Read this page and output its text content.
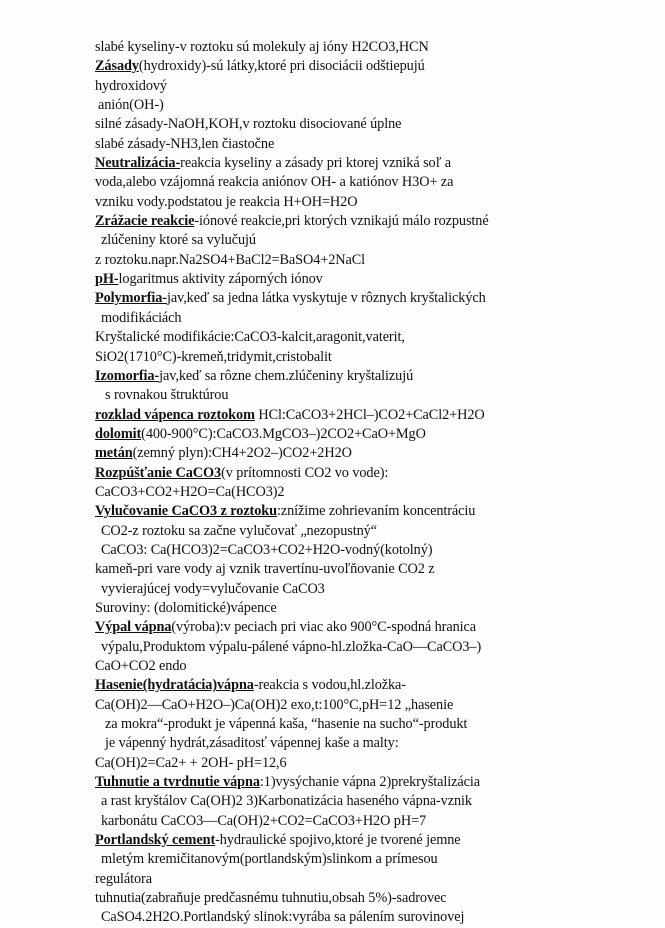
slabé kyseliny-v roztoku sú molekuly aj ióny H2CO3,HCN
Zásady(hydroxidy)-sú látky,ktoré pri disociácii odštiepujú
hydroxidový
anión(OH-)
silné zásady-NaOH,KOH,v roztoku disociované úplne
slabé zásady-NH3,len čiastočne
Neutralizácia-reakcia kyseliny a zásady pri ktorej vzniká soľ a
voda,alebo vzájomná reakcia aniónov OH- a katiónov H3O+ za
vzniku vody.podstatou je reakcia H+OH=H2O
Zrážacie reakcie-iónové reakcie,pri ktorých vznikajú málo rozpustné
zlúčeniny ktoré sa vylučujú
z roztoku.napr.Na2SO4+BaCl2=BaSO4+2NaCl
pH-logaritmus aktivity záporných iónov
Polymorfia-jav,keď sa jedna látka vyskytuje v rôznych kryštalických
modifikáciách
Kryštalické modifikácie:CaCO3-kalcit,aragonit,vaterit,
SiO2(1710°C)-kremeň,tridymit,cristobalit
Izomorfia-jav,keď sa rôzne chem.zlúčeniny kryštalizujú
s rovnakou štruktúrou
rozklad vápenca roztokom HCl:CaCO3+2HCl–)CO2+CaCl2+H2O
dolomit(400-900°C):CaCO3.MgCO3–)2CO2+CaO+MgO
metán(zemný plyn):CH4+2O2–)CO2+2H2O
Rozpúšťanie CaCO3(v prítomnosti CO2 vo vode):
CaCO3+CO2+H2O=Ca(HCO3)2
Vylučovanie CaCO3 z roztoku:znížime zohrievaním koncentráciu
CO2-z roztoku sa začne vylučovať „nezopustný“
CaCO3: Ca(HCO3)2=CaCO3+CO2+H2O-vodný(kotolný)
kameň-pri vare vody aj vznik travertínu-uvoľňovanie CO2 z
vyvierajúcej vody=vylučovanie CaCO3
Suroviny: (dolomitické)vápence
Výpal vápna(výroba):v peciach pri viac ako 900°C-spodná hranica
výpalu,Produktom výpalu-pálené vápno-hl.zložka-CaO—CaCO3–)
CaO+CO2 endo
Hasenie(hydratácia)vápna-reakcia s vodou,hl.zložka-
Ca(OH)2—CaO+H2O–)Ca(OH)2 exo,t:100°C,pH=12 „hasenie
za mokra“-produkt je vápenná kaša, “hasenie na sucho“-produkt
je vápenný hydrát,zásaditosť vápennej kaše a malty:
Ca(OH)2=Ca2+ + 2OH- pH=12,6
Tuhnutie a tvrdnutie vápna:1)vysýchanie vápna 2)prekryštalizácia
a rast kryštálov Ca(OH)2 3)Karbonatizácia haseného vápna-vznik
karbonátu CaCO3—Ca(OH)2+CO2=CaCO3+H2O pH=7
Portlandský cement-hydraulické spojivo,ktoré je tvorené jemne
mletým kremičitanovým(portlandským)slinkom a prímesou
regulátora
tuhnutia(zabraňuje predčasnému tuhnutiu,obsah 5%)-sadrovec
CaSO4.2H2O.Portlandský slinok:vyrába sa pálením surovinovej
